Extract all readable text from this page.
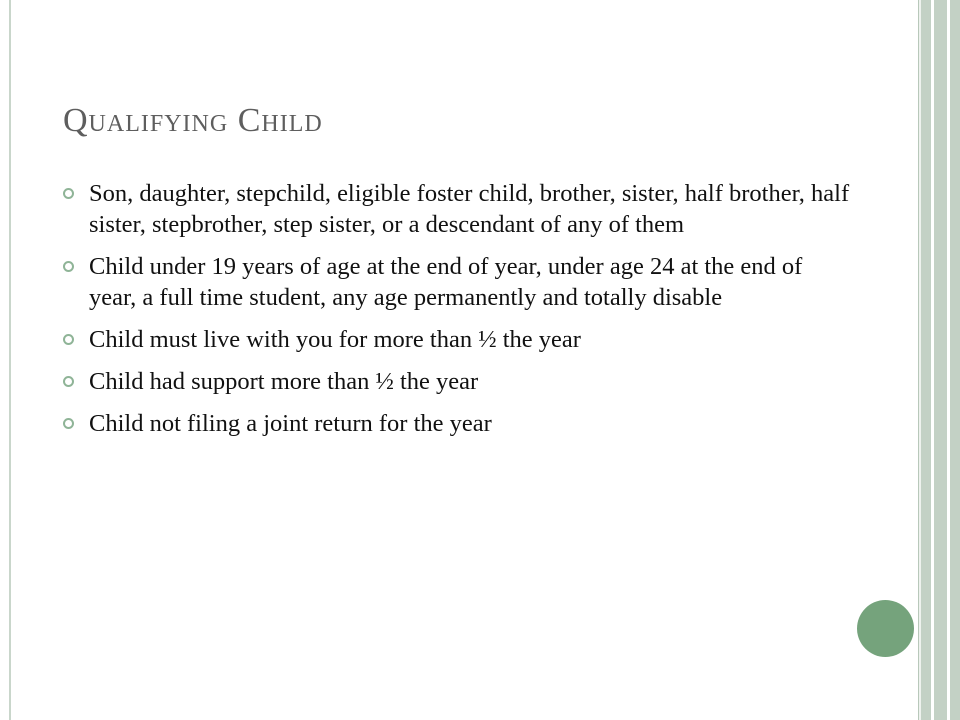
Qualifying Child
Son, daughter, stepchild, eligible foster child, brother, sister, half brother, half sister, stepbrother, step sister, or a descendant of any of them
Child under 19 years of age at the end of year, under age 24 at the end of year, a full time student, any age permanently and totally disable
Child must live with you for more than ½ the year
Child had support more than ½ the year
Child not filing a joint return for the year
